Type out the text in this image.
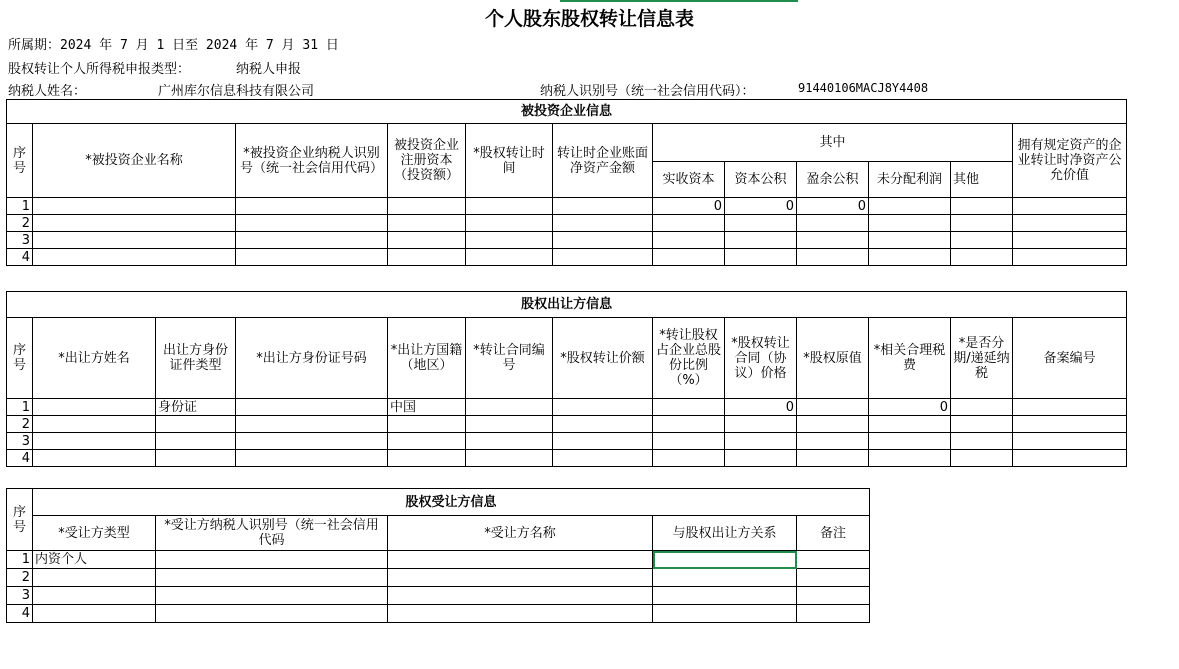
个人股东股权转让信息表
所属期：2024 年 7 月 1 日至 2024 年 7 月 31 日
股权转让个人所得税申报类型：	纳税人申报
纳税人姓名：	广州库尔信息科技有限公司	纳税人识别号（统一社会信用代码）：	91440106MACJ8Y4408
被投资企业信息											
序号	*被投资企业名称	*被投资企业纳税人识别号（统一社会信用代码）	被投资企业注册资本（投资额）	*股权转让时间	转让时企业账面净资产金额	其中					拥有规定资产的企业转让时净资产公允价值
						实收资本	资本公积	盈余公积	未分配利润	其他	
1						0	0	0			
2											
3											
4											
股权出让方信息												
序号	*出让方姓名	出让方身份证件类型	*出让方身份证号码	*出让方国籍（地区）	*转让合同编号	*股权转让价额	*转让股权占企业总股份比例（%）	*股权转让合同（协议）价格	*股权原值	*相关合理税费	*是否分期/递延纳税	备案编号
1		身份证		中国				0		0		
2												
3												
4												
序号	股权受让方信息				
	*受让方类型	*受让方纳税人识别号（统一社会信用代码	*受让方名称	与股权出让方关系	备注
1	内资个人				
2					
3					
4					
